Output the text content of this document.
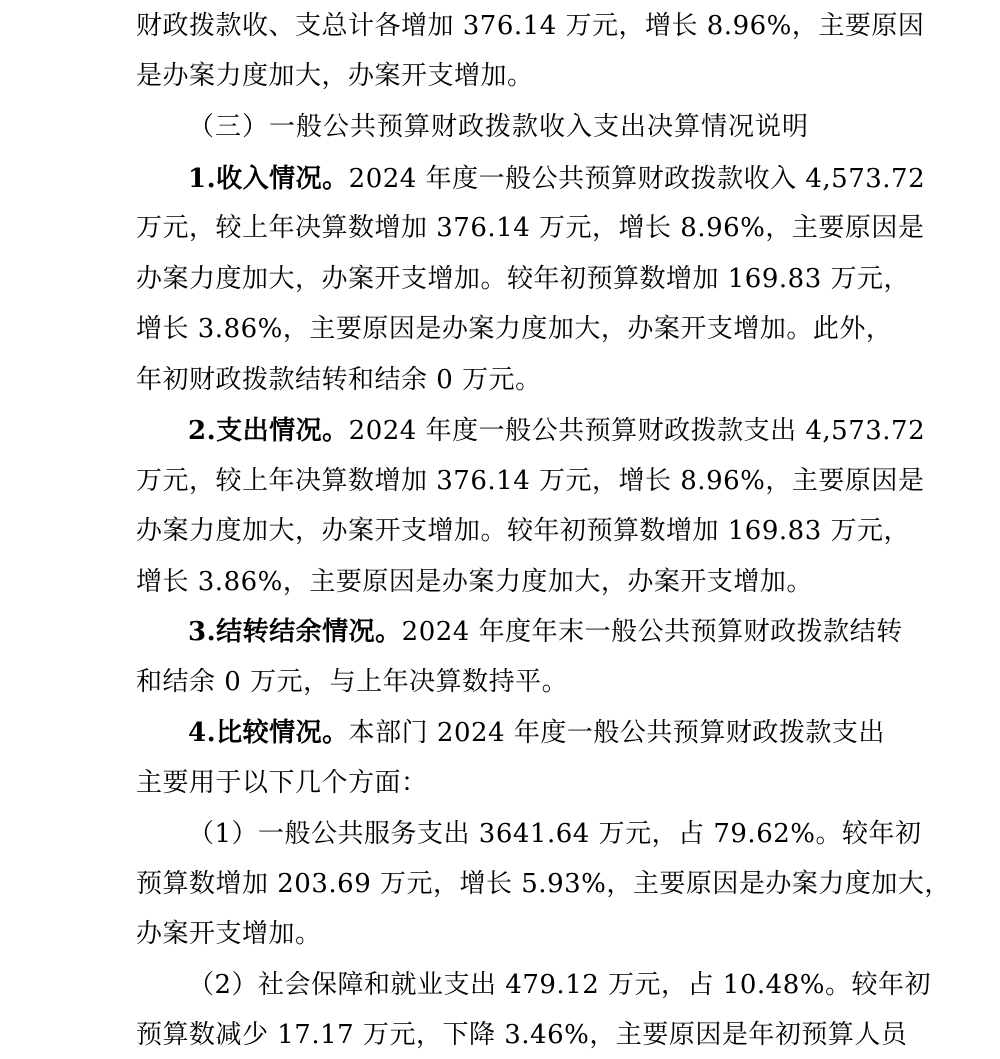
财政拨款收、支总计各增加 376.14 万元，增长 8.96%，主要原因
是办案力度加大，办案开支增加。
（三）一般公共预算财政拨款收入支出决算情况说明
1.收入情况。2024 年度一般公共预算财政拨款收入 4,573.72
万元，较上年决算数增加 376.14 万元，增长 8.96%，主要原因是
办案力度加大，办案开支增加。较年初预算数增加 169.83 万元，
增长 3.86%，主要原因是办案力度加大，办案开支增加。此外，
年初财政拨款结转和结余 0 万元。
2.支出情况。2024 年度一般公共预算财政拨款支出 4,573.72
万元，较上年决算数增加 376.14 万元，增长 8.96%，主要原因是
办案力度加大，办案开支增加。较年初预算数增加 169.83 万元，
增长 3.86%，主要原因是办案力度加大，办案开支增加。
3.结转结余情况。2024 年度年末一般公共预算财政拨款结转
和结余 0 万元，与上年决算数持平。
4.比较情况。本部门 2024 年度一般公共预算财政拨款支出
主要用于以下几个方面：
（1）一般公共服务支出 3641.64 万元，占 79.62%。较年初
预算数增加 203.69 万元，增长 5.93%，主要原因是办案力度加大，
办案开支增加。
（2）社会保障和就业支出 479.12 万元，占 10.48%。较年初
预算数减少 17.17 万元，下降 3.46%，主要原因是年初预算人员
